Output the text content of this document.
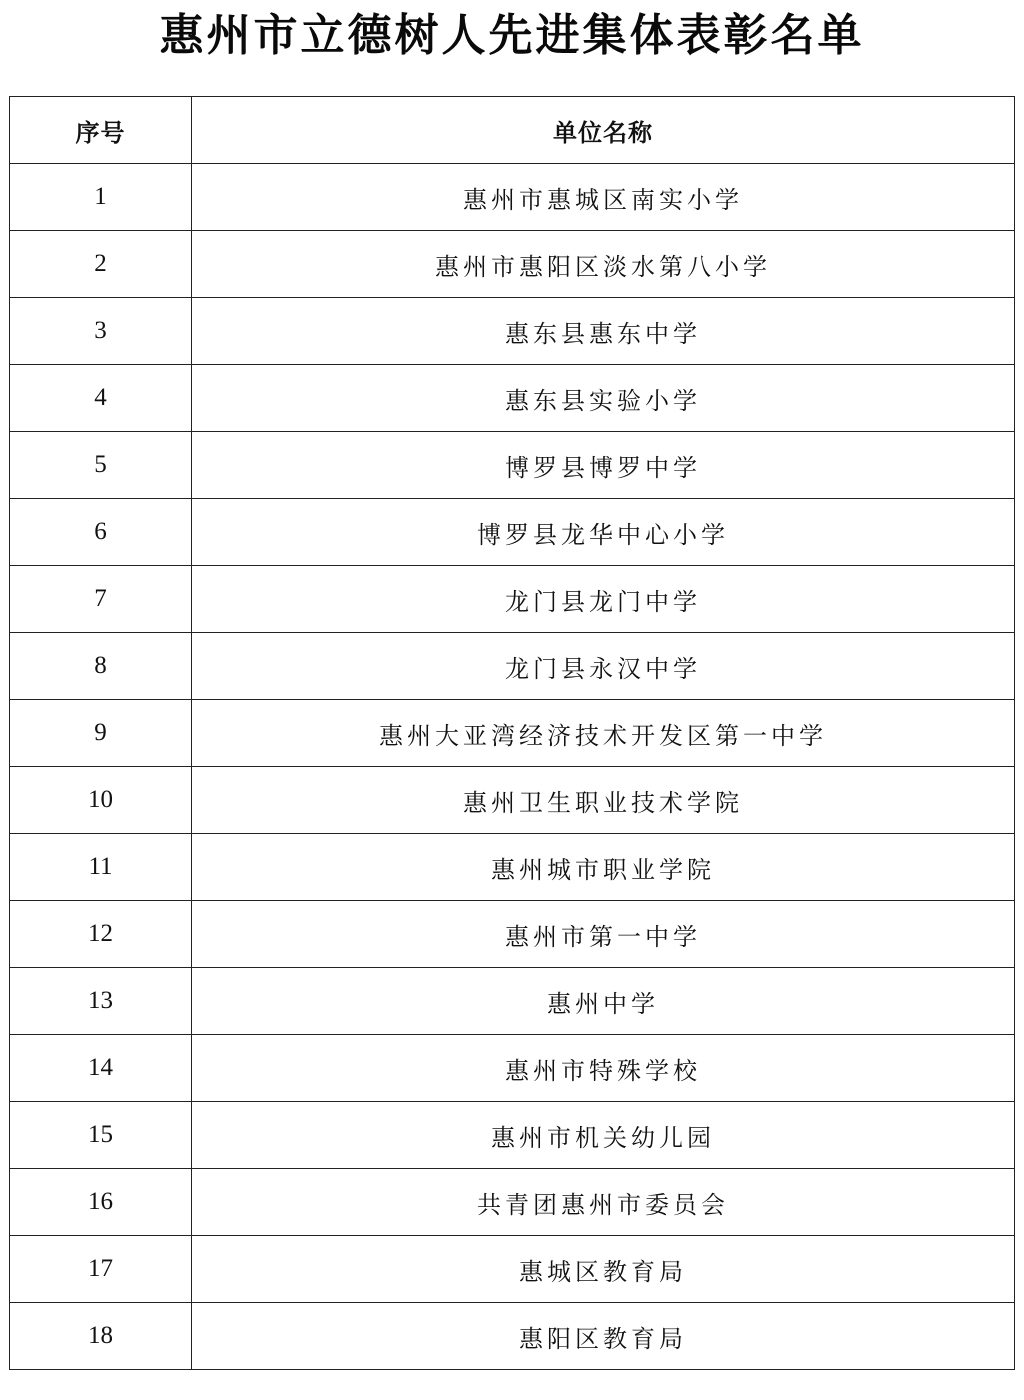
惠州市立德树人先进集体表彰名单
序号	单位名称
1	惠州市惠城区南实小学
2	惠州市惠阳区淡水第八小学
3	惠东县惠东中学
4	惠东县实验小学
5	博罗县博罗中学
6	博罗县龙华中心小学
7	龙门县龙门中学
8	龙门县永汉中学
9	惠州大亚湾经济技术开发区第一中学
10	惠州卫生职业技术学院
11	惠州城市职业学院
12	惠州市第一中学
13	惠州中学
14	惠州市特殊学校
15	惠州市机关幼儿园
16	共青团惠州市委员会
17	惠城区教育局
18	惠阳区教育局
